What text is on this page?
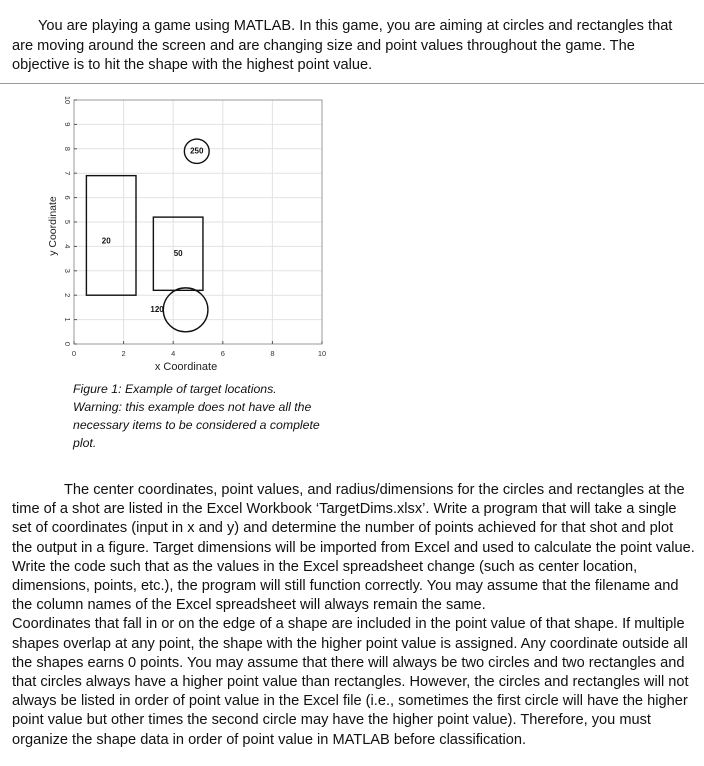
You are playing a game using MATLAB. In this game, you are aiming at circles and rectangles that are moving around the screen and are changing size and point values throughout the game. The objective is to hit the shape with the highest point value.

0	2	4	6	8	10
0
1
2
3
4
5
6
7
8
9
10
20
50
120
250
x Coordinate
y Coordinate
Figure 1: Example of target locations.
Warning: this example does not have all the
necessary items to be considered a complete
plot.
The center coordinates, point values, and radius/dimensions for the circles and rectangles at the time of a shot are listed in the Excel Workbook ‘TargetDims.xlsx’. Write a program that will take a single set of coordinates (input in x and y) and determine the number of points achieved for that shot and plot the output in a figure. Target dimensions will be imported from Excel and used to calculate the point value. Write the code such that as the values in the Excel spreadsheet change (such as center location, dimensions, points, etc.), the program will still function correctly. You may assume that the filename and the column names of the Excel spreadsheet will always remain the same.
Coordinates that fall in or on the edge of a shape are included in the point value of that shape. If multiple shapes overlap at any point, the shape with the higher point value is assigned. Any coordinate outside all the shapes earns 0 points. You may assume that there will always be two circles and two rectangles and that circles always have a higher point value than rectangles. However, the circles and rectangles will not always be listed in order of point value in the Excel file (i.e., sometimes the first circle will have the higher point value but other times the second circle may have the higher point value). Therefore, you must organize the shape data in order of point value in MATLAB before classification.
